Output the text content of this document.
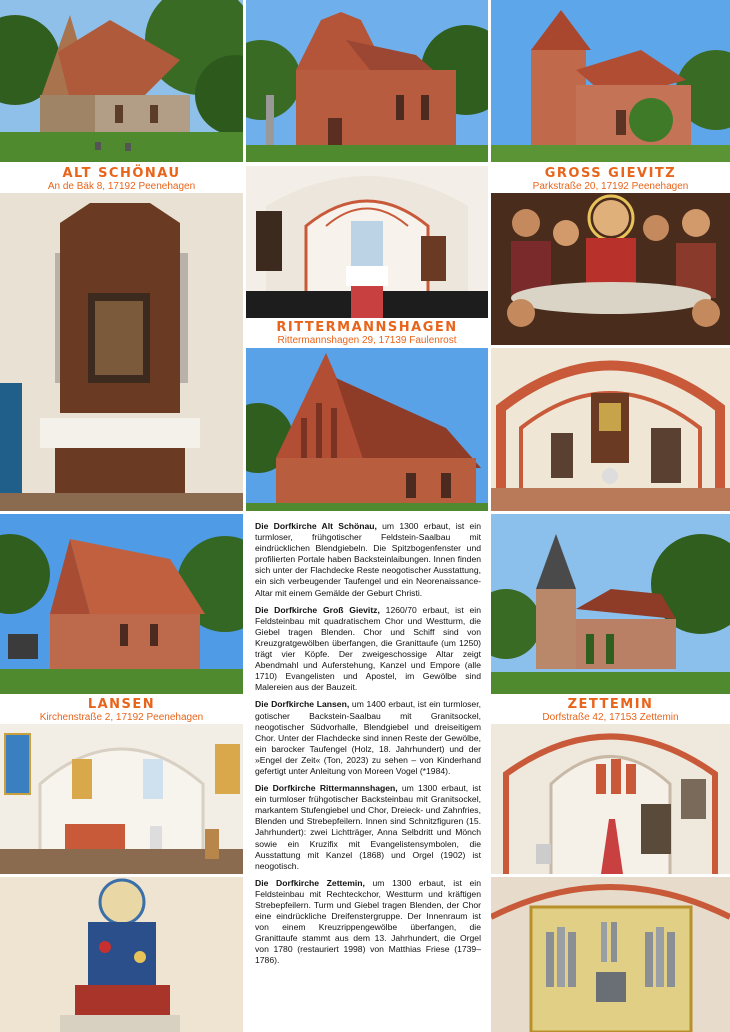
ALT SCHÖNAU
An de Bäk 8, 17192 Peenehagen
GROSS GIEVITZ
Parkstraße 20, 17192 Peenehagen
RITTERMANNSHAGEN
Rittermannshagen 29, 17139 Faulenrost
LANSEN
Kirchenstraße 2, 17192 Peenehagen
ZETTEMIN
Dorfstraße 42, 17153 Zettemin

Die Dorfkirche Alt Schönau, um 1300 erbaut, ist ein turmloser, frühgotischer Feldstein-Saalbau mit eindrücklichen Blendgiebeln. Die Spitzbogenfenster und profilierten Portale haben Backsteinlaibungen. Innen finden sich unter der Flachdecke Reste neogotischer Ausstattung, ein sich verbeugender Taufengel und ein Neorenaissance-Altar mit einem Gemälde der Geburt Christi.

Die Dorfkirche Groß Gievitz, 1260/70 erbaut, ist ein Feldsteinbau mit quadratischem Chor und Westturm, die Giebel tragen Blenden. Chor und Schiff sind von Kreuzgratgewölben überfangen, die Granittaufe (um 1250) trägt vier Köpfe. Der zweigeschossige Altar zeigt Abendmahl und Auferstehung, Kanzel und Empore (alle 1710) Evangelisten und Apostel, im Gewölbe sind Malereien aus der Bauzeit.

Die Dorfkirche Lansen, um 1400 erbaut, ist ein turmloser, gotischer Backstein-Saalbau mit Granitsockel, neogotischer Südvorhalle, Blendgiebel und dreiseitigem Chor. Unter der Flachdecke sind innen Reste der Gewölbe, ein barocker Taufengel (Holz, 18. Jahrhundert) und der »Engel der Zeit« (Ton, 2023) zu sehen – von Kinderhand gefertigt unter Anleitung von Moreen Vogel (*1984).

Die Dorfkirche Rittermannshagen, um 1300 erbaut, ist ein turmloser frühgotischer Backsteinbau mit Granitsockel, markantem Stufengiebel und Chor, Dreieck- und Zahnfries, Blenden und Strebepfeilern. Innen sind Schnitzfiguren (15. Jahrhundert): zwei Lichtträger, Anna Selbdritt und Mönch sowie ein Kruzifix mit Evangelistensymbolen, die Ausstattung mit Kanzel (1868) und Orgel (1902) ist neogotisch.

Die Dorfkirche Zettemin, um 1300 erbaut, ist ein Feldsteinbau mit Rechteckchor, Westturm und kräftigen Strebepfeilern. Turm und Giebel tragen Blenden, der Chor eine eindrückliche Dreifenstergruppe. Der Innenraum ist von einem Kreuzrippengewölbe überfangen, die Granittaufe stammt aus dem 13. Jahrhundert, die Orgel von 1780 (restauriert 1998) von Matthias Friese (1739–1786).
